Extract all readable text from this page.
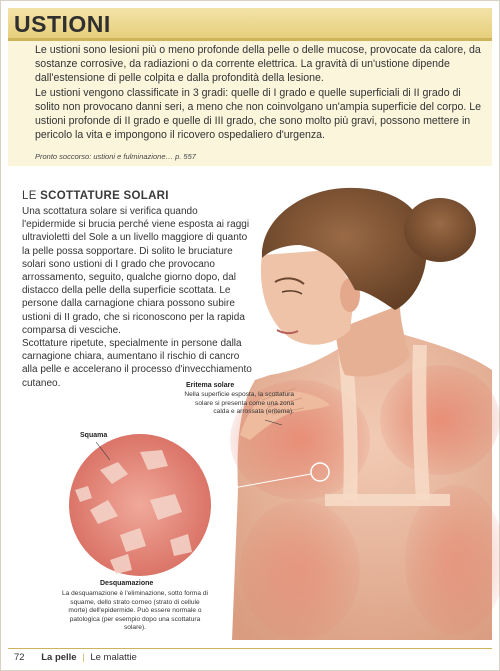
USTIONI

Le ustioni sono lesioni più o meno profonde della pelle o delle mucose, provocate da calore, da sostanze corrosive, da radiazioni o da corrente elettrica. La gravità di un'ustione dipende dall'estensione di pelle colpita e dalla profondità della lesione.

Le ustioni vengono classificate in 3 gradi: quelle di I grado e quelle superficiali di II grado di solito non provocano danni seri, a meno che non coinvolgano un'ampia superficie del corpo. Le ustioni profonde di II grado e quelle di III grado, che sono molto più gravi, possono mettere in pericolo la vita e impongono il ricovero ospedaliero d'urgenza.

Pronto soccorso: ustioni e fulminazione… p. 557
LE SCOTTATURE SOLARI

Una scottatura solare si verifica quando l'epidermide si brucia perché viene esposta ai raggi ultravioletti del Sole a un livello maggiore di quanto la pelle possa sopportare. Di solito le bruciature solari sono ustioni di I grado che provocano arrossamento, seguito, qualche giorno dopo, dal distacco della pelle della superficie scottata. Le persone dalla carnagione chiara possono subire ustioni di II grado, che si riconoscono per la rapida comparsa di vesciche.

Scottature ripetute, specialmente in persone dalla carnagione chiara, aumentano il rischio di cancro alla pelle e accelerano il processo d'invecchiamento cutaneo.	Eritema solare
Nella superficie esposta, la scottatura solare si presenta come una zona calda e arrossata (eritema).
Squama
Desquamazione
La desquamazione è l'eliminazione, sotto forma di squame, dello strato corneo (strato di cellule morte) dell'epidermide. Può essere normale o patologica (per esempio dopo una scottatura solare).
72 La pelle | Le malattie
